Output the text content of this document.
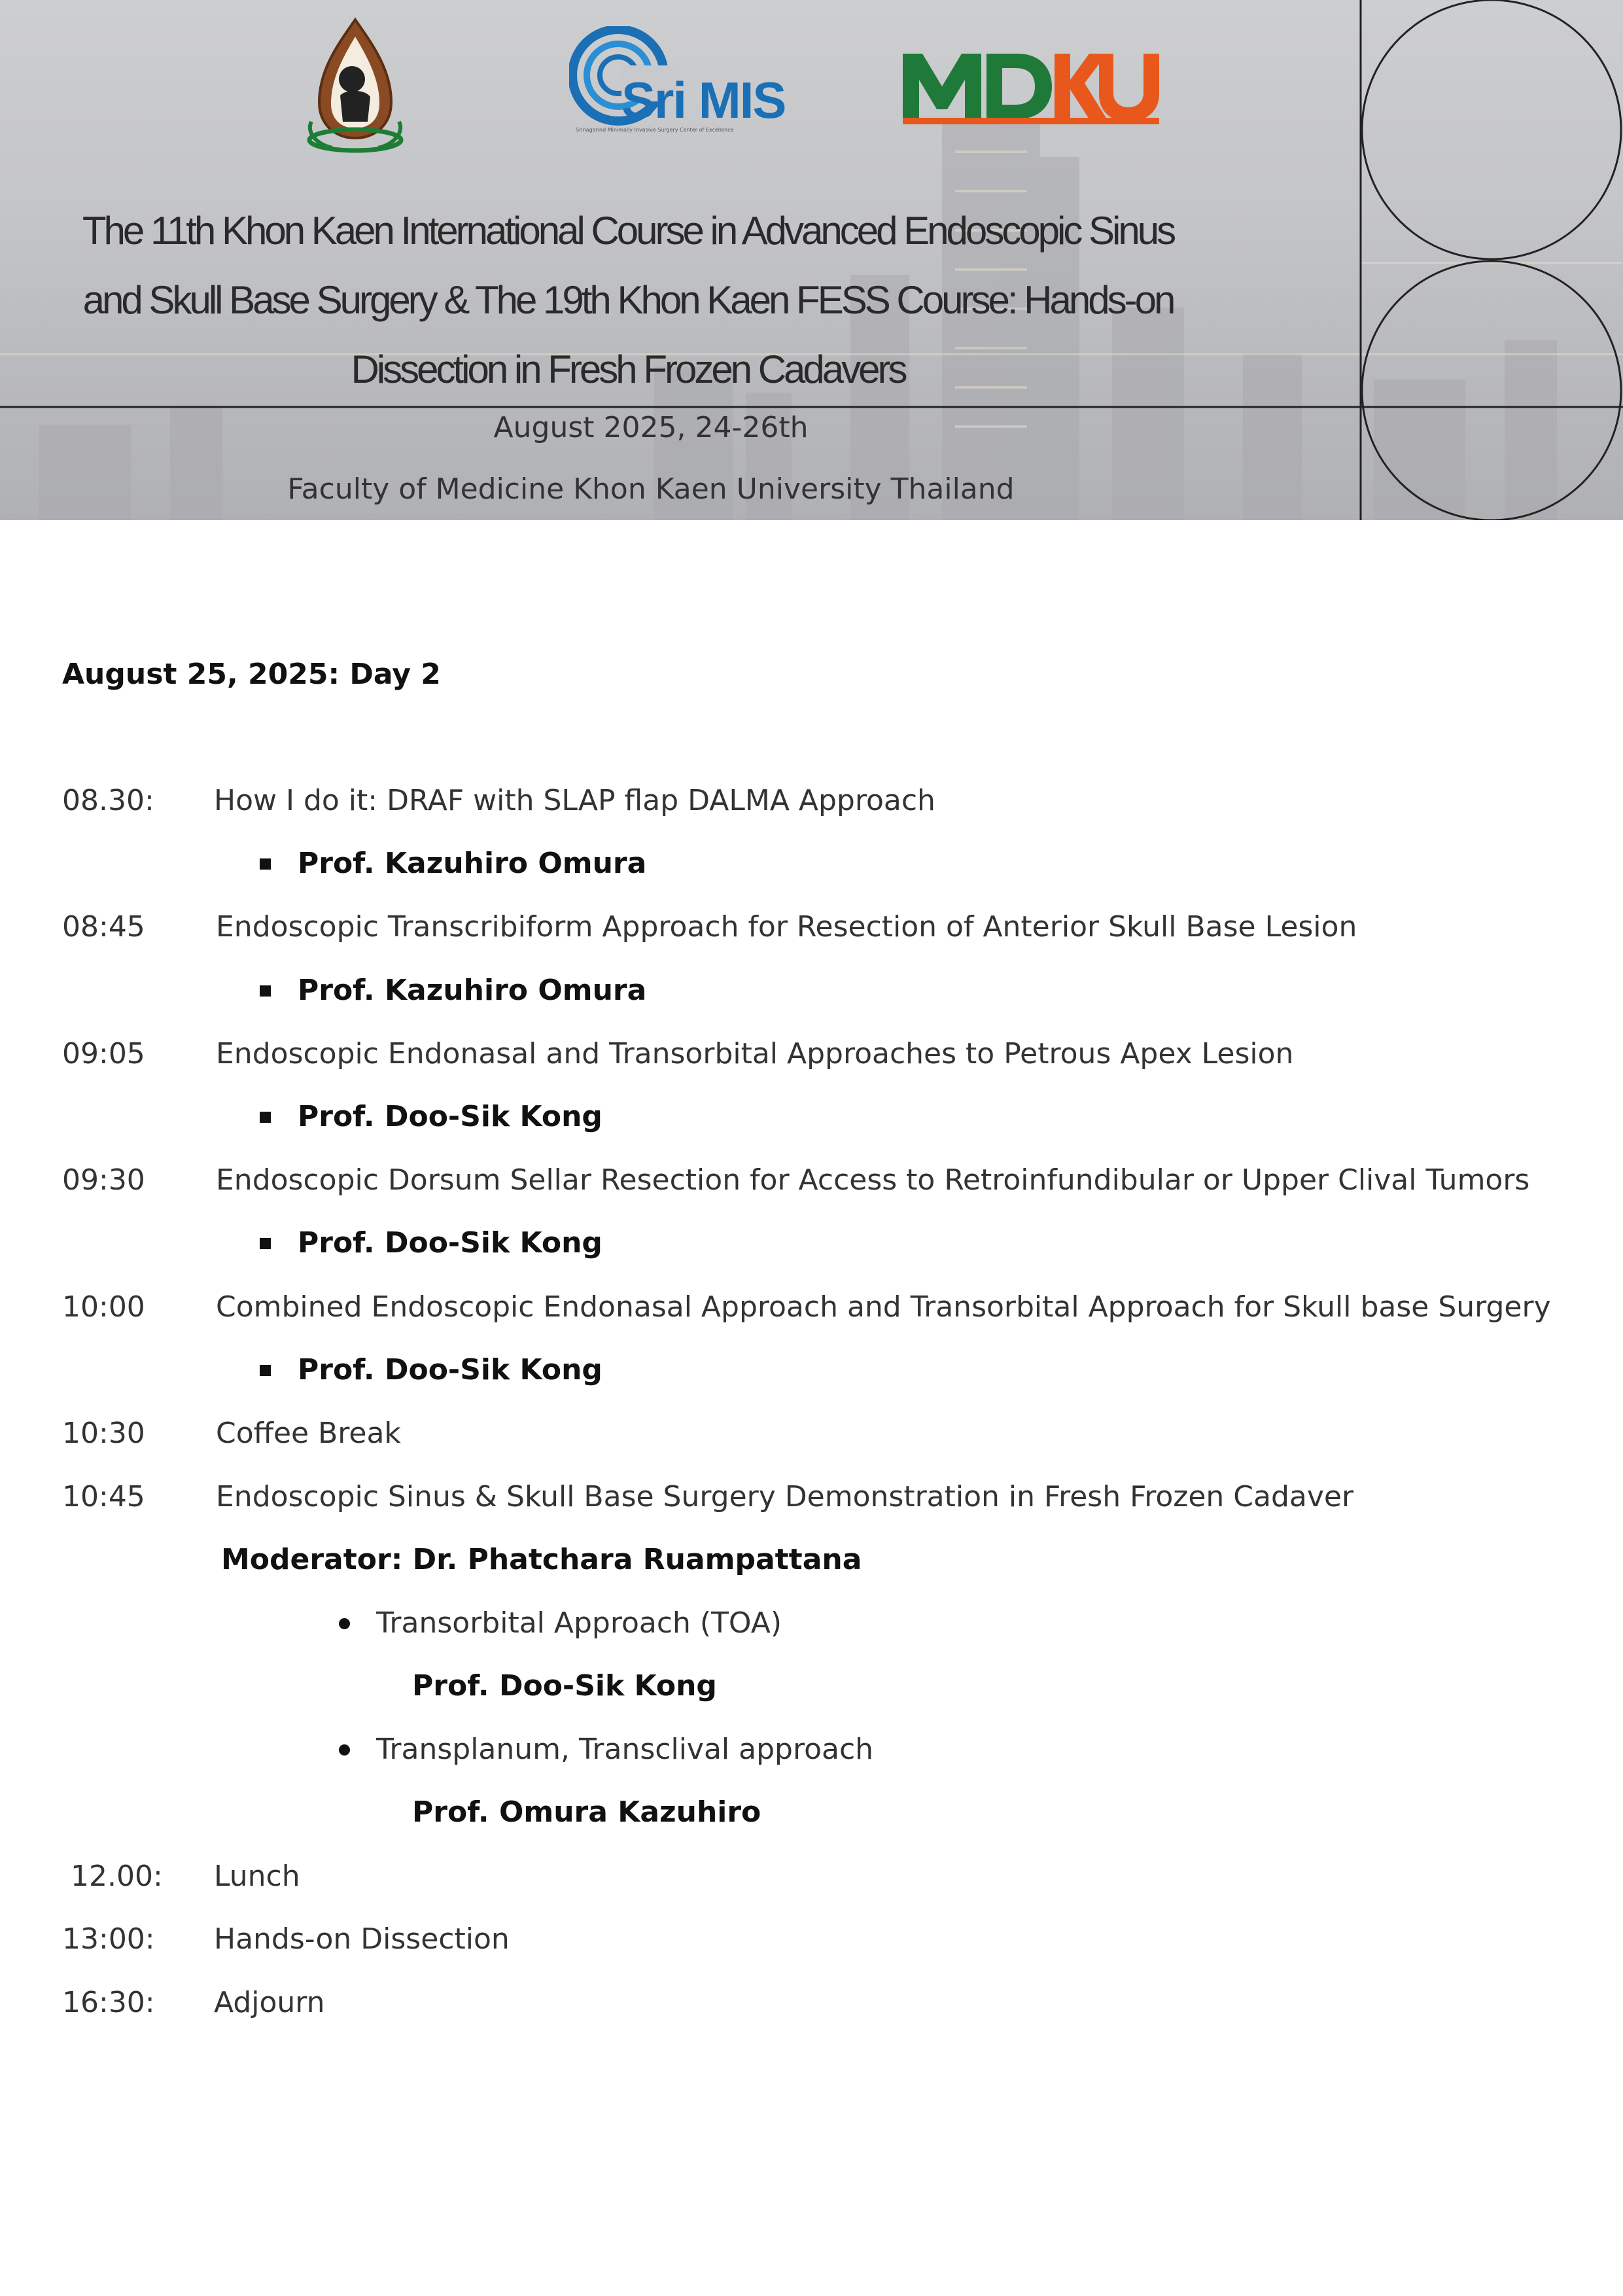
Sri MIS
Srinagarind Minimally Invasive Surgery Center of Excellence
The 11th Khon Kaen International Course in Advanced Endoscopic Sinus
and Skull Base Surgery & The 19th Khon Kaen FESS Course: Hands-on
Dissection in Fresh Frozen Cadavers
August 2025, 24-26th
Faculty of Medicine Khon Kaen University Thailand
August 25, 2025: Day 2
08.30: How I do it: DRAF with SLAP flap DALMA Approach
Prof. Kazuhiro Omura
08:45 Endoscopic Transcribiform Approach for Resection of Anterior Skull Base Lesion
Prof. Kazuhiro Omura
09:05 Endoscopic Endonasal and Transorbital Approaches to Petrous Apex Lesion
Prof. Doo-Sik Kong
09:30 Endoscopic Dorsum Sellar Resection for Access to Retroinfundibular or Upper Clival Tumors
Prof. Doo-Sik Kong
10:00 Combined Endoscopic Endonasal Approach and Transorbital Approach for Skull base Surgery
Prof. Doo-Sik Kong
10:30 Coffee Break
10:45 Endoscopic Sinus & Skull Base Surgery Demonstration in Fresh Frozen Cadaver
Moderator: Dr. Phatchara Ruampattana
Transorbital Approach (TOA)
Prof. Doo-Sik Kong
Transplanum, Transclival approach
Prof. Omura Kazuhiro
12.00: Lunch
13:00: Hands-on Dissection
16:30: Adjourn
